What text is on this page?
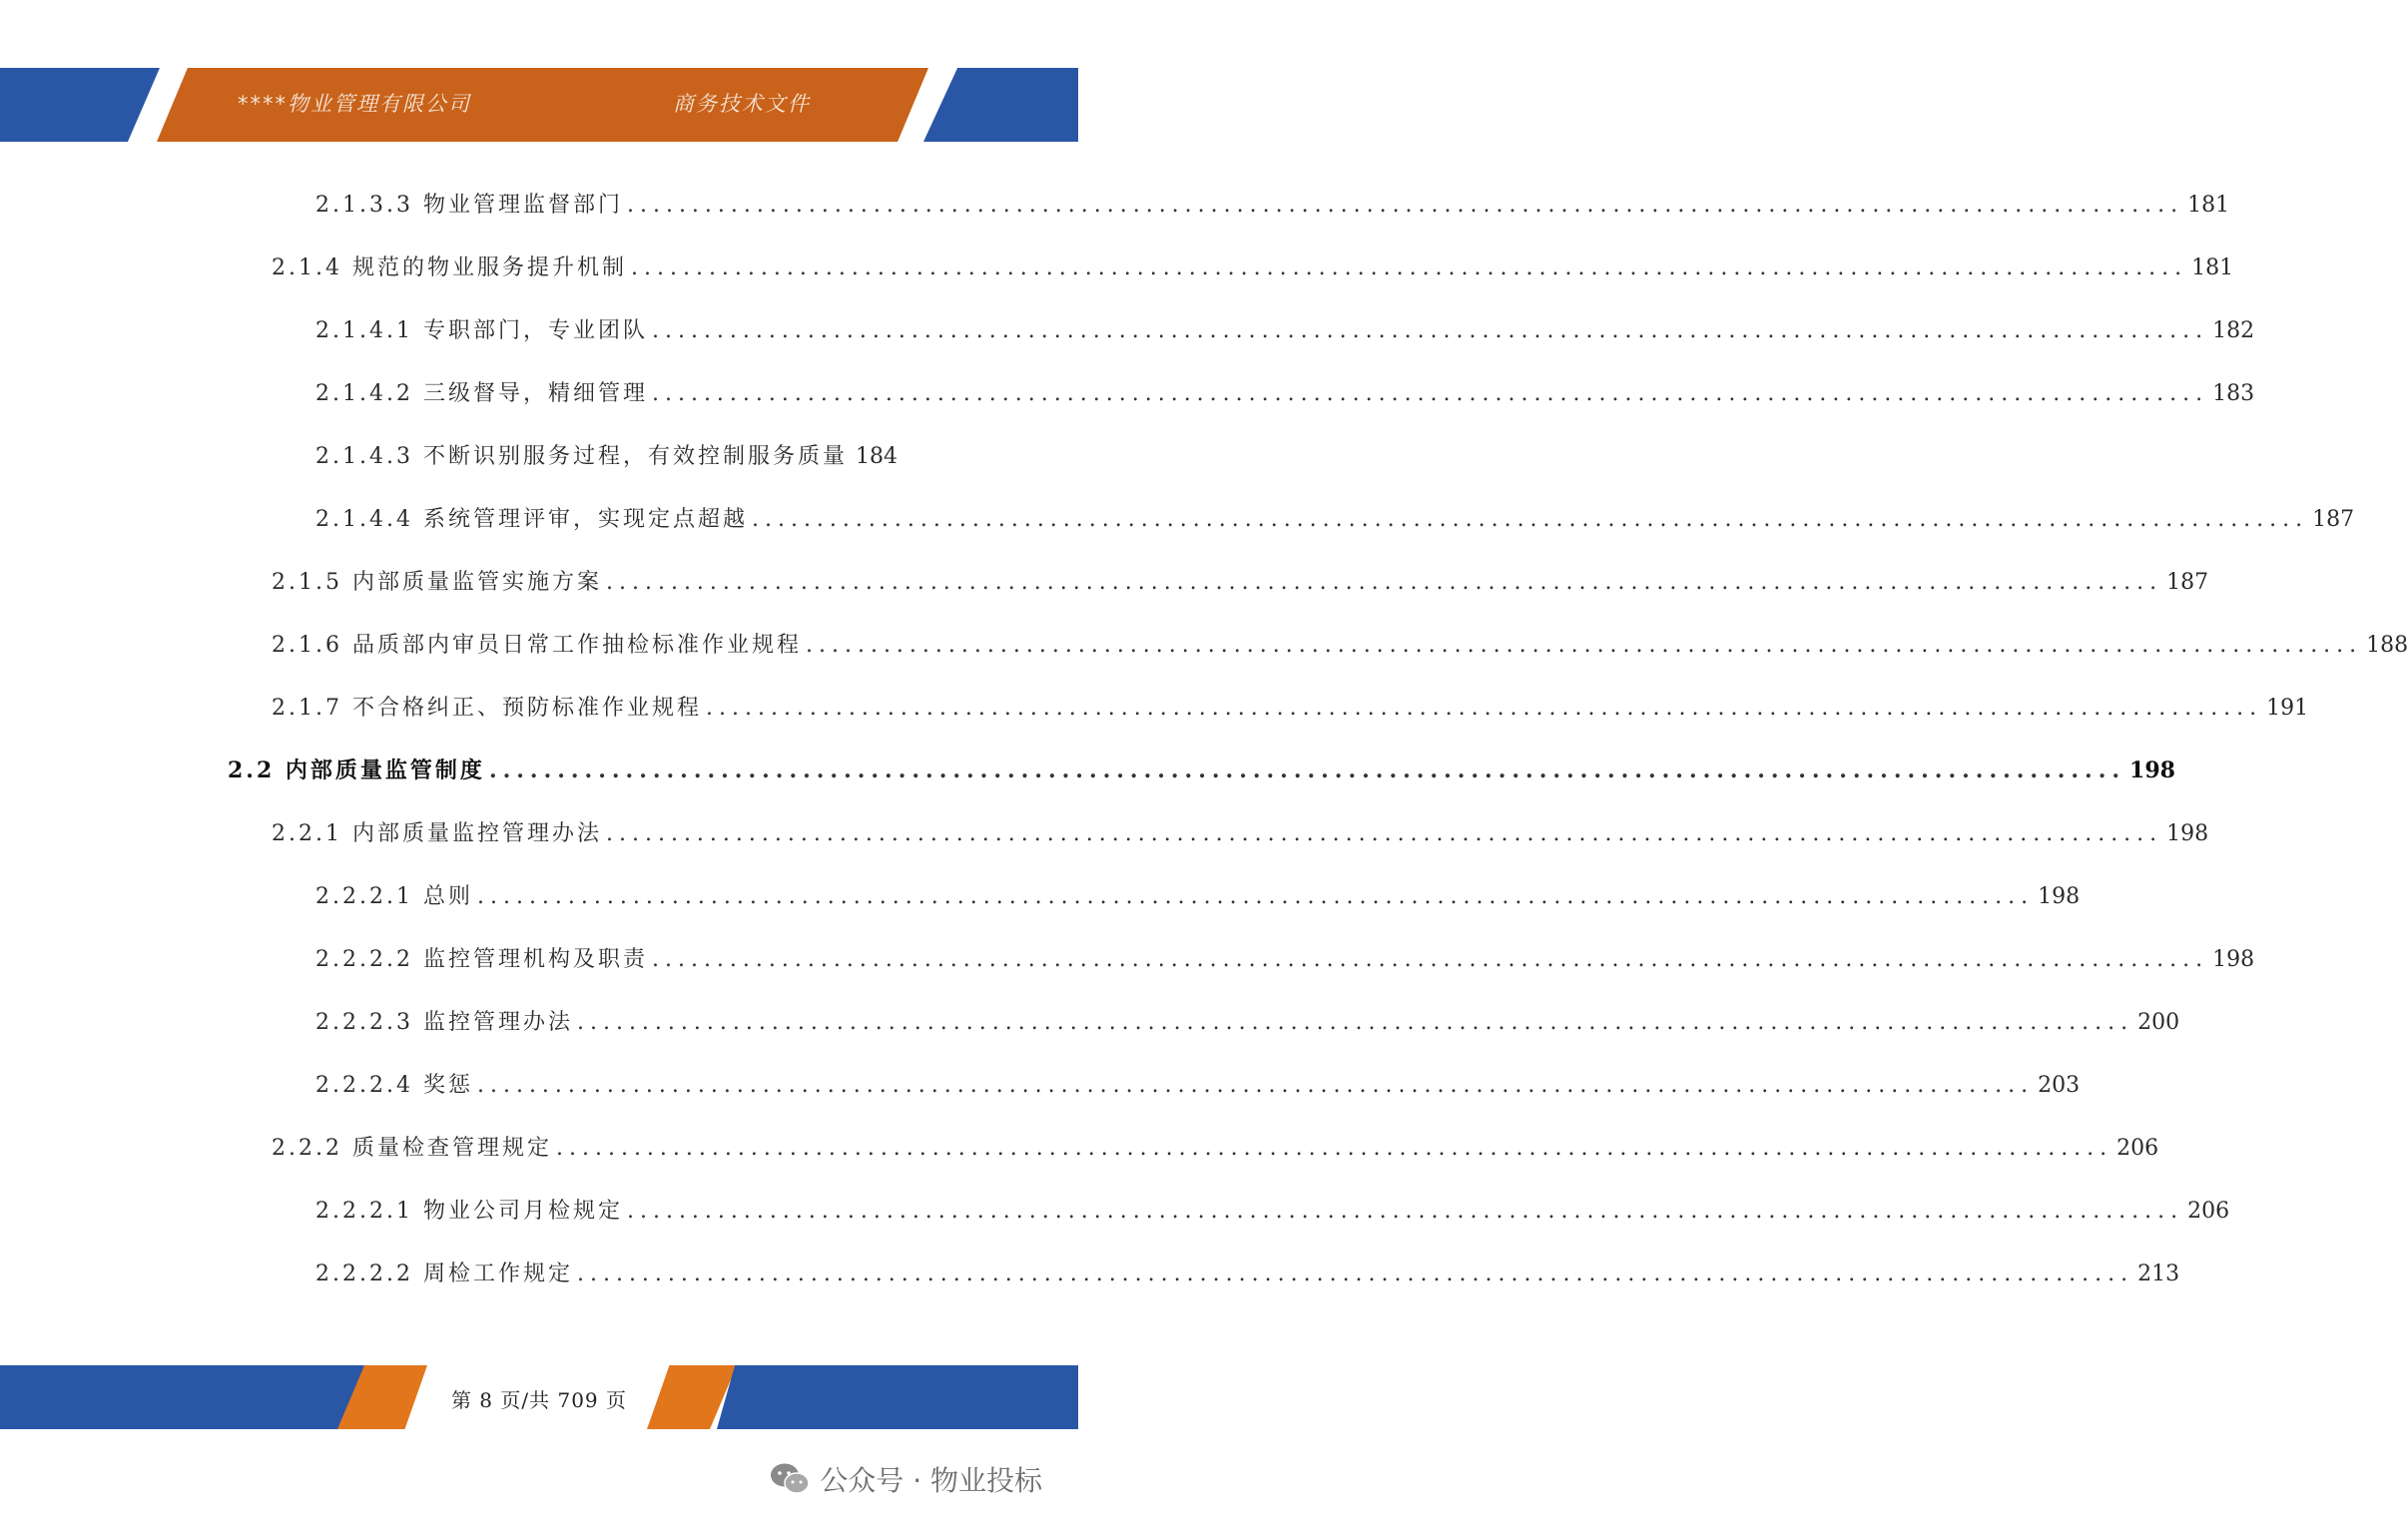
****物业管理有限公司	商务技术文件
2.1.3.3 物业管理监督部门 ........................................................................................................................ 181
2.1.4 规范的物业服务提升机制 ........................................................................................................................ 181
2.1.4.1 专职部门，专业团队 ........................................................................................................................ 182
2.1.4.2 三级督导，精细管理 ........................................................................................................................ 183
2.1.4.3 不断识别服务过程，有效控制服务质量 184
2.1.4.4 系统管理评审，实现定点超越 ........................................................................................................................ 187
2.1.5 内部质量监管实施方案 ........................................................................................................................ 187
2.1.6 品质部内审员日常工作抽检标准作业规程 ........................................................................................................................ 188
2.1.7 不合格纠正、预防标准作业规程 ........................................................................................................................ 191
2.2 内部质量监管制度 ........................................................................................................................ 198
2.2.1 内部质量监控管理办法 ........................................................................................................................ 198
2.2.2.1 总则 ........................................................................................................................ 198
2.2.2.2 监控管理机构及职责 ........................................................................................................................ 198
2.2.2.3 监控管理办法 ........................................................................................................................ 200
2.2.2.4 奖惩 ........................................................................................................................ 203
2.2.2 质量检查管理规定 ........................................................................................................................ 206
2.2.2.1 物业公司月检规定 ........................................................................................................................ 206
2.2.2.2 周检工作规定 ........................................................................................................................ 213
第 8 页/共 709 页
公众号 · 物业投标
